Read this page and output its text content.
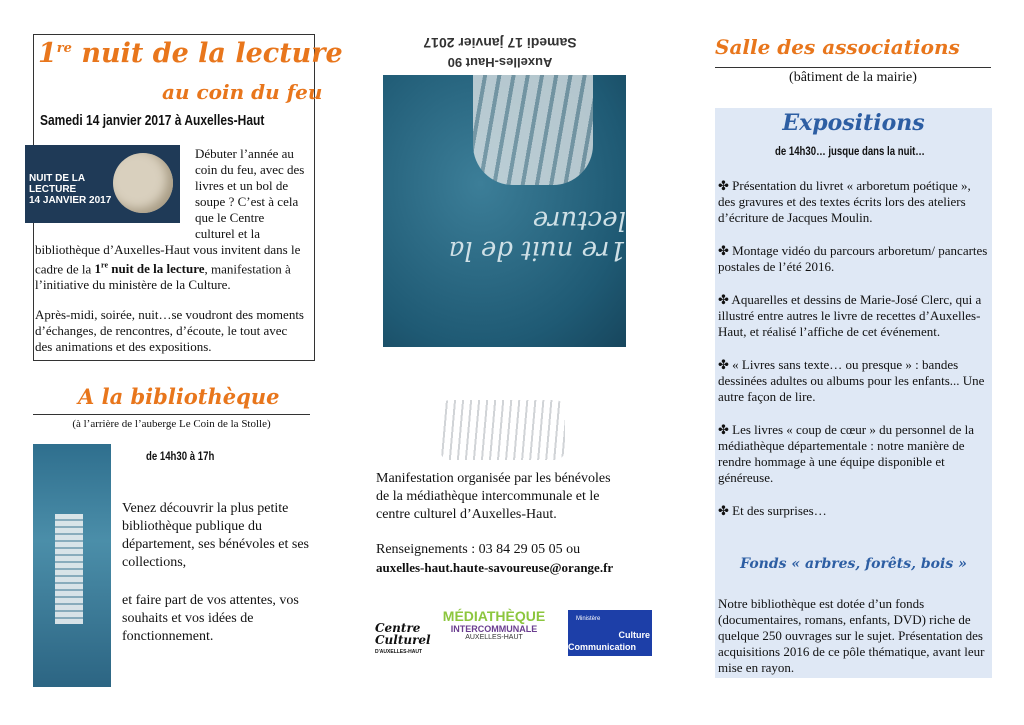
1re nuit de la lecture
au coin du feu
Samedi 14 janvier 2017 à Auxelles-Haut

Débuter l’année au coin du feu, avec des livres et un bol de soupe ? C’est à cela que le Centre culturel et la bibliothèque d’Auxelles-Haut vous invitent dans le cadre de la 1re nuit de la lecture, manifestation à l’initiative du ministère de la Culture.

Après-midi, soirée, nuit…se voudront des moments d’échanges, de rencontres, d’écoute, le tout avec des animations et des expositions.

NUIT DE LA
LECTURE
14 JANVIER 2017
A la bibliothèque
(à l’arrière de l’auberge Le Coin de la Stolle)
de 14h30 à 17h

Venez découvrir la plus petite bibliothèque publique du département, ses bénévoles et ses collections,

et faire part de vos attentes, vos souhaits et vos idées de fonctionnement.

Auxelles-Haut 90
Samedi 17 janvier 2017
1re nuit de la lecture
Manifestation organisée par les bénévoles de la médiathèque intercommunale et le centre culturel d’Auxelles-Haut.
Renseignements : 03 84 29 05 05 ou
auxelles-haut.haute-savoureuse@orange.fr
Centre Culturel
D'AUXELLES-HAUT
MÉDIATHÈQUE
INTERCOMMUNALE
AUXELLES-HAUT
Ministère
Culture
Communication
Salle des associations
(bâtiment de la mairie)
Expositions
de 14h30… jusque dans la nuit…

✤ Présentation du livret « arboretum poétique », des gravures et des textes écrits lors des ateliers d’écriture de Jacques Moulin.

✤ Montage vidéo du parcours arboretum/ pancartes postales de l’été 2016.

✤ Aquarelles et dessins de Marie-José Clerc, qui a illustré entre autres le livre de recettes d’Auxelles-Haut, et réalisé l’affiche de cet événement.

✤ « Livres sans texte… ou presque » : bandes dessinées adultes ou albums pour les enfants... Une autre façon de lire.

✤ Les livres « coup de cœur » du personnel de la médiathèque départementale : notre manière de rendre hommage à une équipe disponible et généreuse.

✤ Et des surprises…

Fonds « arbres, forêts, bois »
Notre bibliothèque est dotée d’un fonds (documentaires, romans, enfants, DVD) riche de quelque 250 ouvrages sur le sujet. Présentation des acquisitions 2016 de ce pôle thématique, avant leur mise en rayon.
